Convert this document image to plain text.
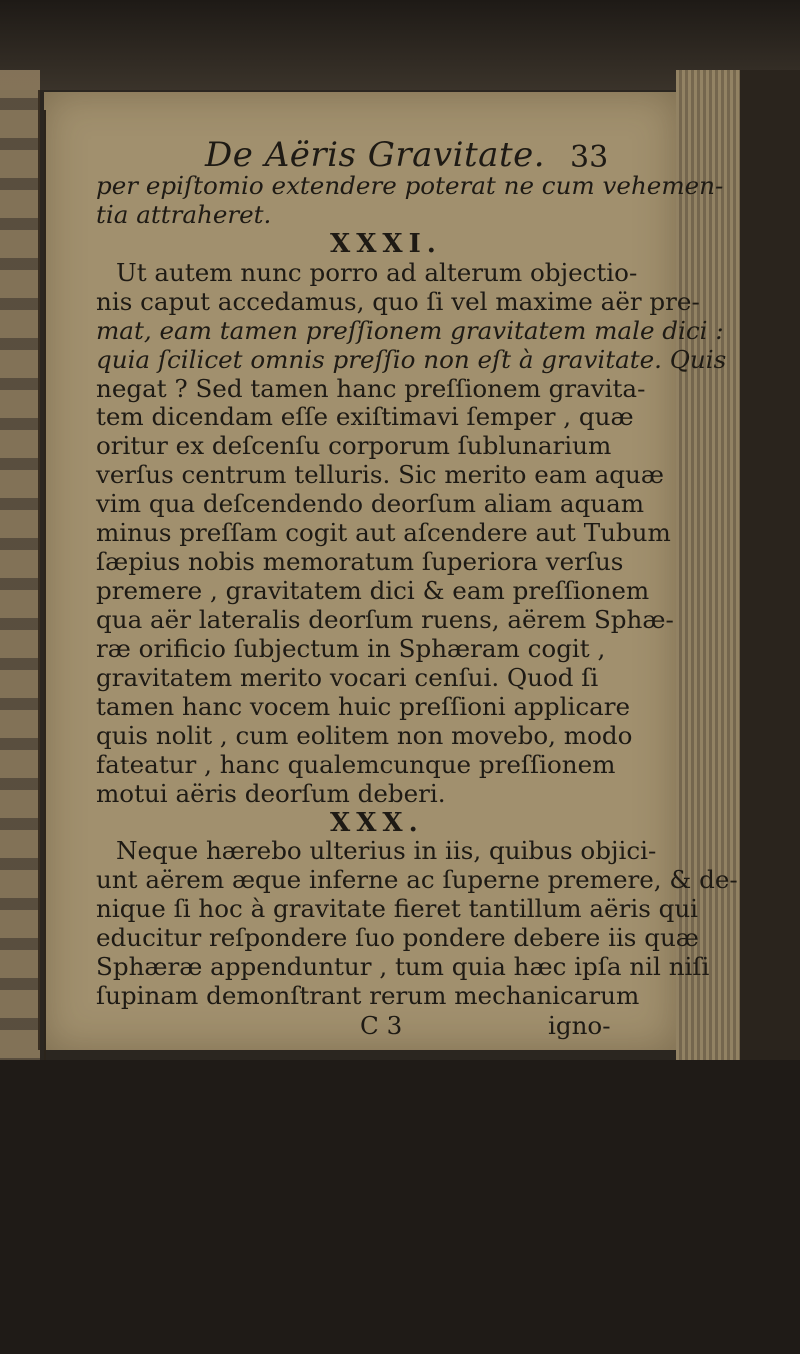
De Aëris Gravitate. 33
per epiſtomio extendere poterat ne cum vehemen-
tia attraheret.
XXXI.
Ut autem nunc porro ad alterum objectio-
nis caput accedamus, quo ſi vel maxime aër pre-
mat, eam tamen preſſionem gravitatem male dici :
quia ſcilicet omnis preſſio non eſt à gravitate. Quis
negat ? Sed tamen hanc preſſionem gravita-
tem dicendam eſſe exiſtimavi ſemper , quæ
oritur ex deſcenſu corporum ſublunarium
verſus centrum telluris. Sic merito eam aquæ
vim qua deſcendendo deorſum aliam aquam
minus preſſam cogit aut aſcendere aut Tubum
ſæpius nobis memoratum ſuperiora verſus
premere , gravitatem dici & eam preſſionem
qua aër lateralis deorſum ruens, aërem Sphæ-
ræ orificio ſubjectum in Sphæram cogit ,
gravitatem merito vocari cenſui. Quod ſi
tamen hanc vocem huic preſſioni applicare
quis nolit , cum eolitem non movebo, modo
fateatur , hanc qualemcunque preſſionem
motui aëris deorſum deberi.
XXX.
Neque hærebo ulterius in iis, quibus objici-
unt aërem æque inferne ac ſuperne premere, & de-
nique ſi hoc à gravitate fieret tantillum aëris qui
educitur reſpondere ſuo pondere debere iis quæ
Sphæræ appenduntur , tum quia hæc ipſa nil niſi
ſupinam demonſtrant rerum mechanicarum
C 3	igno-
